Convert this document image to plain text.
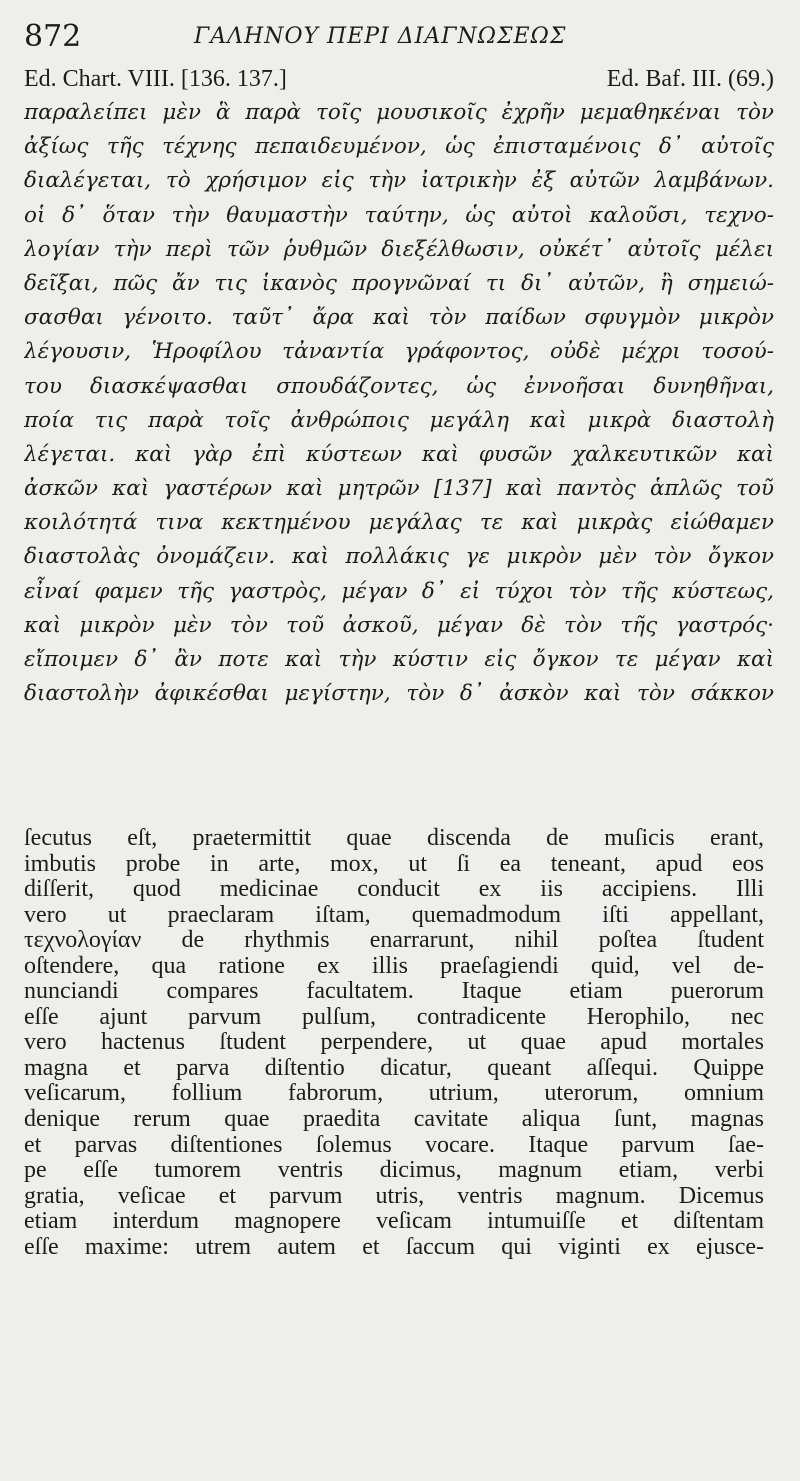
872	ΓΑΛΗΝΟΥ ΠΕΡΙ ΔΙΑΓΝΩΣΕΩΣ
Ed. Chart. VIII. [136. 137.]	Ed. Baf. III. (69.)
παραλείπει μὲν ἃ παρὰ τοῖς μουσικοῖς ἐχρῆν μεμαθηκέναι τὸν
ἀξίως τῆς τέχνης πεπαιδευμένον, ὡς ἐπισταμένοις δ᾽ αὐτοῖς
διαλέγεται, τὸ χρήσιμον εἰς τὴν ἰατρικὴν ἐξ αὐτῶν λαμβάνων.
οἱ δ᾽ ὅταν τὴν θαυμαστὴν ταύτην, ὡς αὐτοὶ καλοῦσι, τεχνο-
λογίαν τὴν περὶ τῶν ῥυθμῶν διεξέλθωσιν, οὐκέτ᾽ αὐτοῖς μέλει
δεῖξαι, πῶς ἄν τις ἱκανὸς προγνῶναί τι δι᾽ αὐτῶν, ἢ σημειώ-
σασθαι γένοιτο. ταῦτ᾽ ἄρα καὶ τὸν παίδων σφυγμὸν μικρὸν
λέγουσιν, Ἡροφίλου τἀναντία γράφοντος, οὐδὲ μέχρι τοσού-
του διασκέψασθαι σπουδάζοντες, ὡς ἐννοῆσαι δυνηθῆναι,
ποία τις παρὰ τοῖς ἀνθρώποις μεγάλη καὶ μικρὰ διαστολὴ
λέγεται. καὶ γὰρ ἐπὶ κύστεων καὶ φυσῶν χαλκευτικῶν καὶ
ἀσκῶν καὶ γαστέρων καὶ μητρῶν [137] καὶ παντὸς ἁπλῶς τοῦ
κοιλότητά τινα κεκτημένου μεγάλας τε καὶ μικρὰς εἰώθαμεν
διαστολὰς ὀνομάζειν. καὶ πολλάκις γε μικρὸν μὲν τὸν ὄγκον
εἶναί φαμεν τῆς γαστρὸς, μέγαν δ᾽ εἰ τύχοι τὸν τῆς κύστεως,
καὶ μικρὸν μὲν τὸν τοῦ ἀσκοῦ, μέγαν δὲ τὸν τῆς γαστρός·
εἴποιμεν δ᾽ ἂν ποτε καὶ τὴν κύστιν εἰς ὄγκον τε μέγαν καὶ
διαστολὴν ἀφικέσθαι μεγίστην, τὸν δ᾽ ἀσκὸν καὶ τὸν σάκκον
ſecutus eſt, praetermittit quae discenda de muſicis erant,
imbutis probe in arte, mox, ut ſi ea teneant, apud eos
diſſerit, quod medicinae conducit ex iis accipiens. Illi
vero ut praeclaram iſtam, quemadmodum iſti appellant,
τεχνολογίαν de rhythmis enarrarunt, nihil poſtea ſtudent
oſtendere, qua ratione ex illis praeſagiendi quid, vel de-
nunciandi compares facultatem. Itaque etiam puerorum
eſſe ajunt parvum pulſum, contradicente Herophilo, nec
vero hactenus ſtudent perpendere, ut quae apud mortales
magna et parva diſtentio dicatur, queant aſſequi. Quippe
veſicarum, follium fabrorum, utrium, uterorum, omnium
denique rerum quae praedita cavitate aliqua ſunt, magnas
et parvas diſtentiones ſolemus vocare. Itaque parvum ſae-
pe eſſe tumorem ventris dicimus, magnum etiam, verbi
gratia, veſicae et parvum utris, ventris magnum. Dicemus
etiam interdum magnopere veſicam intumuiſſe et diſtentam
eſſe maxime: utrem autem et ſaccum qui viginti ex ejusce-
